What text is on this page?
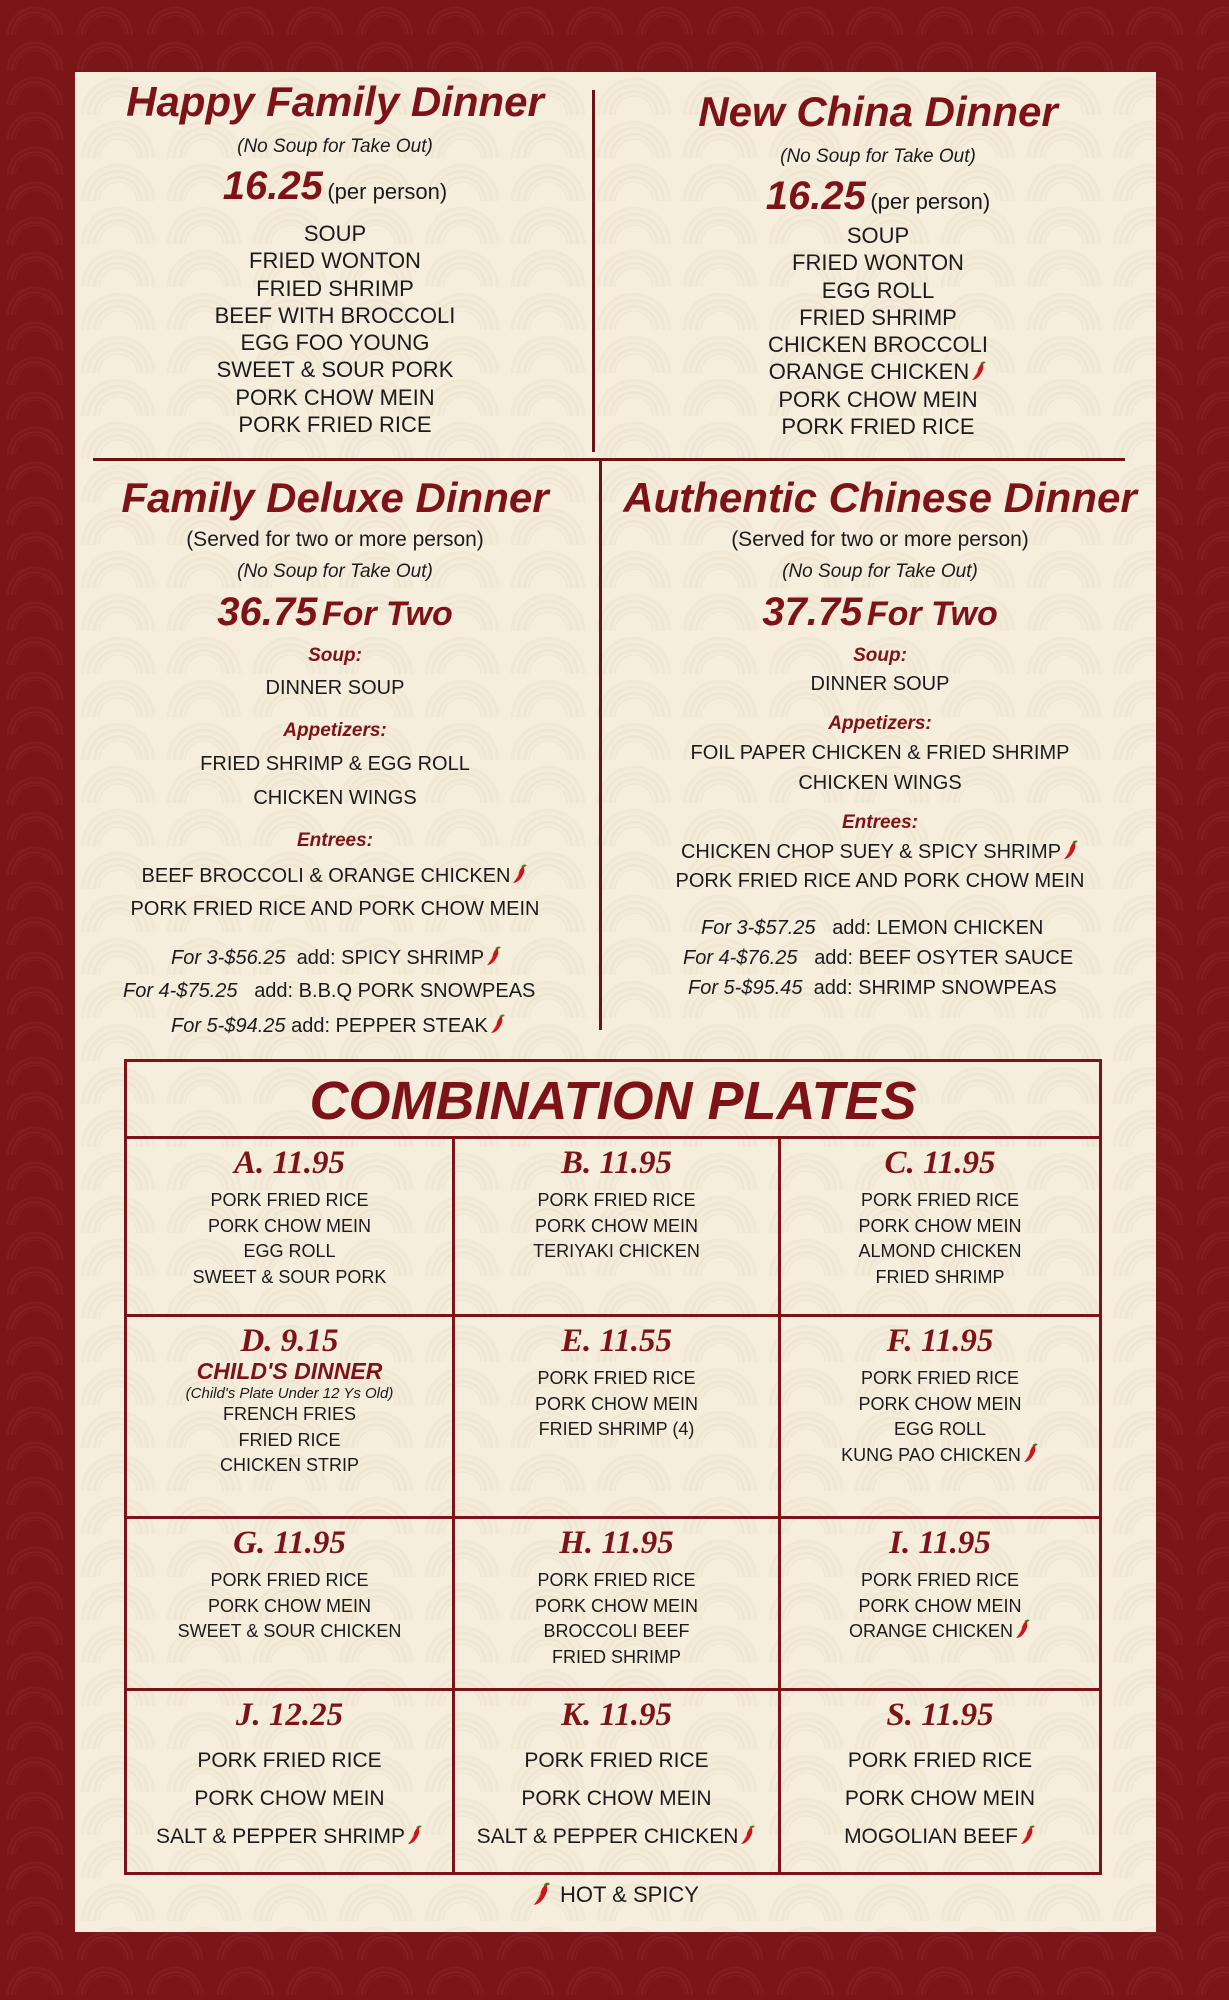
Happy Family Dinner
(No Soup for Take Out)
16.25 (per person)
SOUP
FRIED WONTON
FRIED SHRIMP
BEEF WITH BROCCOLI
EGG FOO YOUNG
SWEET & SOUR PORK
PORK CHOW MEIN
PORK FRIED RICE
New China Dinner
(No Soup for Take Out)
16.25 (per person)
SOUP
FRIED WONTON
EGG ROLL
FRIED SHRIMP
CHICKEN BROCCOLI
ORANGE CHICKEN
PORK CHOW MEIN
PORK FRIED RICE
Family Deluxe Dinner
(Served for two or more person)
(No Soup for Take Out)
36.75 For Two
Soup:
DINNER SOUP
Appetizers:
FRIED SHRIMP & EGG ROLL
CHICKEN WINGS
Entrees:
BEEF BROCCOLI & ORANGE CHICKEN
PORK FRIED RICE AND PORK CHOW MEIN
For 3-$56.25 add: SPICY SHRIMP
For 4-$75.25 add: B.B.Q PORK SNOWPEAS
For 5-$94.25 add: PEPPER STEAK
Authentic Chinese Dinner
(Served for two or more person)
(No Soup for Take Out)
37.75 For Two
Soup:
DINNER SOUP
Appetizers:
FOIL PAPER CHICKEN & FRIED SHRIMP
CHICKEN WINGS
Entrees:
CHICKEN CHOP SUEY & SPICY SHRIMP
PORK FRIED RICE AND PORK CHOW MEIN
For 3-$57.25 add: LEMON CHICKEN
For 4-$76.25 add: BEEF OSYTER SAUCE
For 5-$95.45 add: SHRIMP SNOWPEAS
COMBINATION PLATES
A. 11.95
PORK FRIED RICE
PORK CHOW MEIN
EGG ROLL
SWEET & SOUR PORK
B. 11.95
PORK FRIED RICE
PORK CHOW MEIN
TERIYAKI CHICKEN
C. 11.95
PORK FRIED RICE
PORK CHOW MEIN
ALMOND CHICKEN
FRIED SHRIMP
D. 9.15
CHILD'S DINNER
(Child's Plate Under 12 Ys Old)
FRENCH FRIES
FRIED RICE
CHICKEN STRIP
E. 11.55
PORK FRIED RICE
PORK CHOW MEIN
FRIED SHRIMP (4)
F. 11.95
PORK FRIED RICE
PORK CHOW MEIN
EGG ROLL
KUNG PAO CHICKEN
G. 11.95
PORK FRIED RICE
PORK CHOW MEIN
SWEET & SOUR CHICKEN
H. 11.95
PORK FRIED RICE
PORK CHOW MEIN
BROCCOLI BEEF
FRIED SHRIMP
I. 11.95
PORK FRIED RICE
PORK CHOW MEIN
ORANGE CHICKEN
J. 12.25
PORK FRIED RICE
PORK CHOW MEIN
SALT & PEPPER SHRIMP
K. 11.95
PORK FRIED RICE
PORK CHOW MEIN
SALT & PEPPER CHICKEN
S. 11.95
PORK FRIED RICE
PORK CHOW MEIN
MOGOLIAN BEEF
HOT & SPICY
